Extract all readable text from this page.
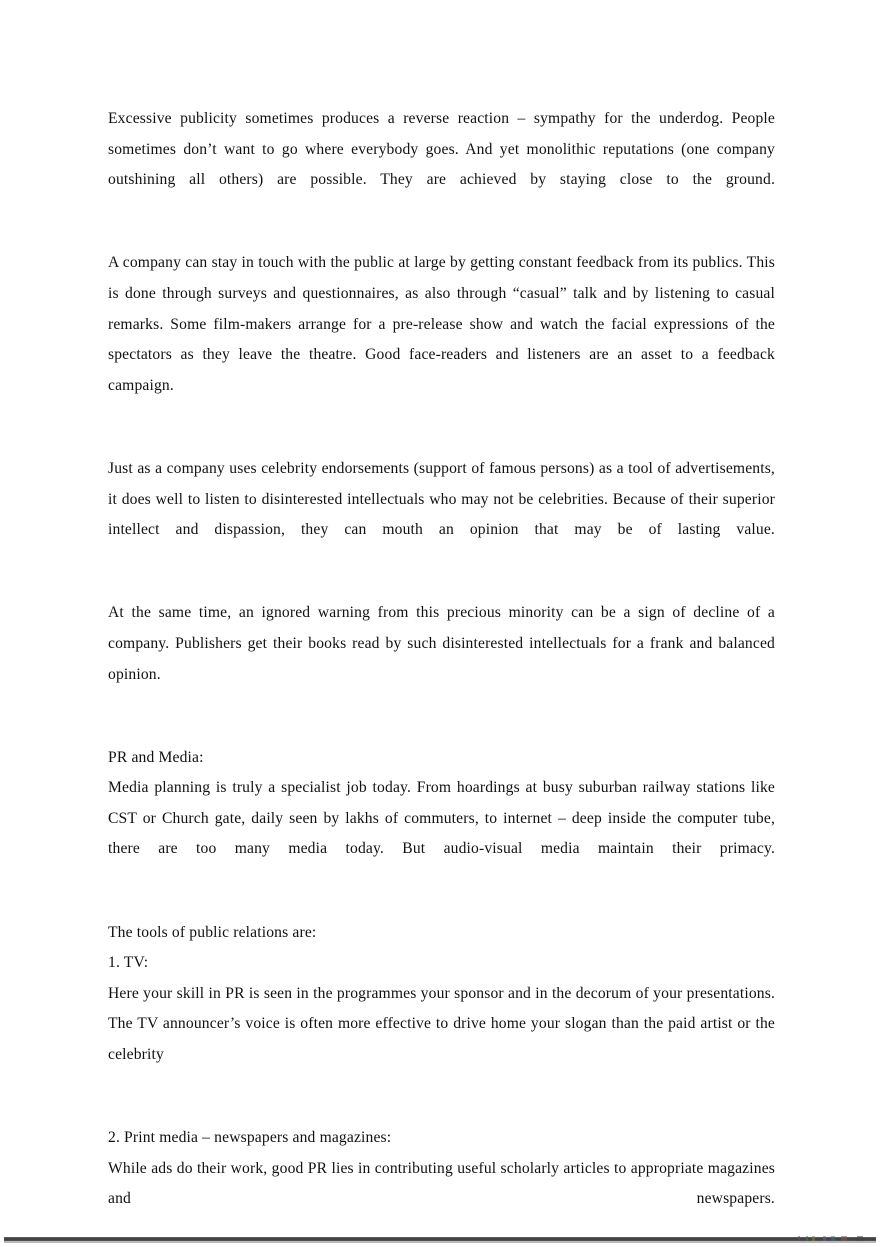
Excessive publicity sometimes produces a reverse reaction – sympathy for the underdog. People sometimes don’t want to go where everybody goes. And yet monolithic reputations (one company outshining all others) are possible. They are achieved by staying close to the ground.

A company can stay in touch with the public at large by getting constant feedback from its publics. This is done through surveys and questionnaires, as also through “casual” talk and by listening to casual remarks. Some film-makers arrange for a pre-release show and watch the facial expressions of the spectators as they leave the theatre. Good face-readers and listeners are an asset to a feedback campaign.

Just as a company uses celebrity endorsements (support of famous persons) as a tool of advertisements, it does well to listen to disinterested intellectuals who may not be celebrities. Because of their superior intellect and dispassion, they can mouth an opinion that may be of lasting value.

At the same time, an ignored warning from this precious minority can be a sign of decline of a company. Publishers get their books read by such disinterested intellectuals for a frank and balanced opinion.

PR and Media:

Media planning is truly a specialist job today. From hoardings at busy suburban railway stations like CST or Church gate, daily seen by lakhs of commuters, to internet – deep inside the computer tube, there are too many media today. But audio-visual media maintain their primacy.

The tools of public relations are:

1. TV:

Here your skill in PR is seen in the programmes your sponsor and in the decorum of your presentations. The TV announcer’s voice is often more effective to drive home your slogan than the paid artist or the celebrity

2. Print media – newspapers and magazines:

While ads do their work, good PR lies in contributing useful scholarly articles to appropriate magazines and newspapers.
